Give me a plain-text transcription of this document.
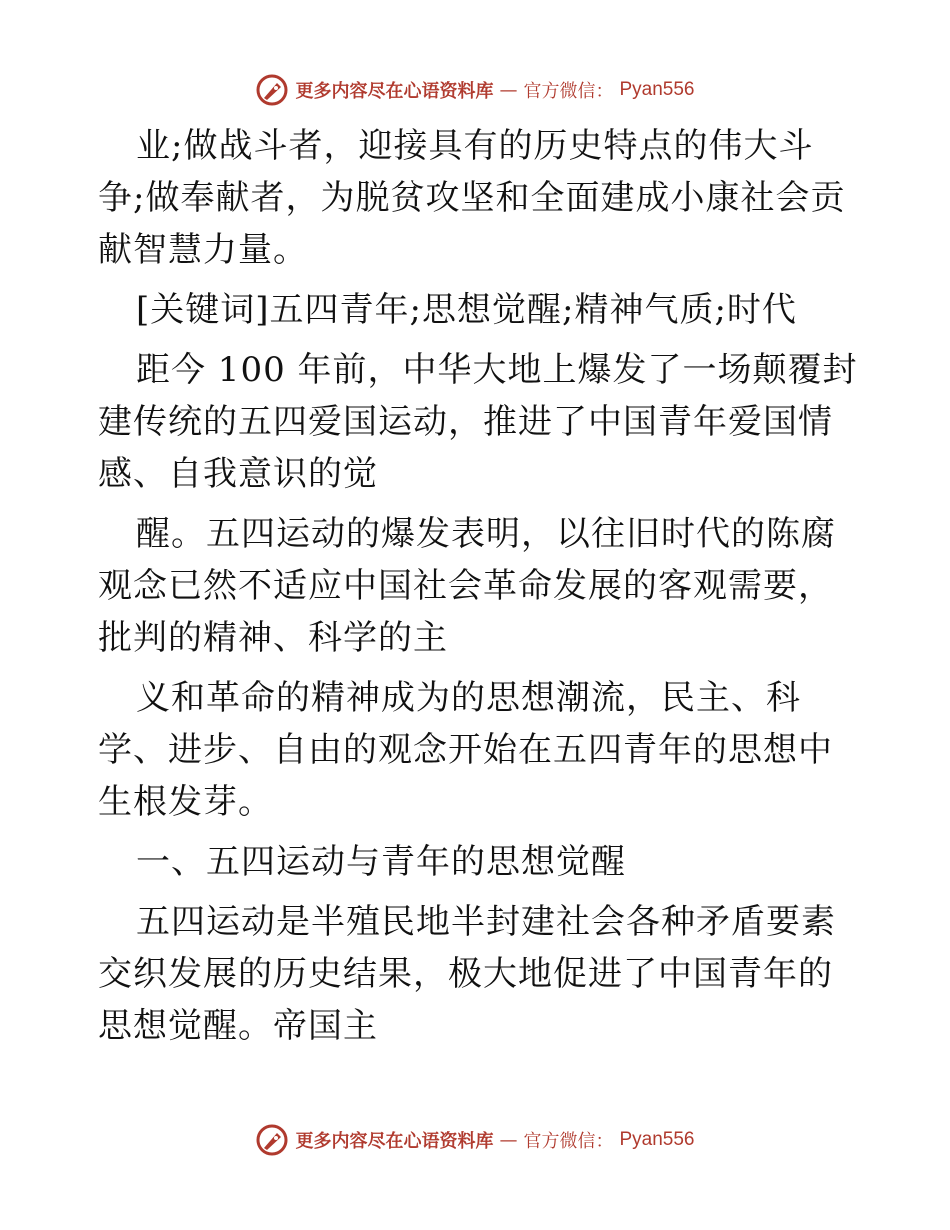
更多内容尽在心语资料库 — 官方微信： Pyan556

业;做战斗者，迎接具有的历史特点的伟大斗争;做奉献者，为脱贫攻坚和全面建成小康社会贡献智慧力量。

[关键词]五四青年;思想觉醒;精神气质;时代

距今 100 年前，中华大地上爆发了一场颠覆封建传统的五四爱国运动，推进了中国青年爱国情感、自我意识的觉

醒。五四运动的爆发表明，以往旧时代的陈腐观念已然不适应中国社会革命发展的客观需要，批判的精神、科学的主

义和革命的精神成为的思想潮流，民主、科学、进步、自由的观念开始在五四青年的思想中生根发芽。

一、五四运动与青年的思想觉醒

五四运动是半殖民地半封建社会各种矛盾要素交织发展的历史结果，极大地促进了中国青年的思想觉醒。帝国主

更多内容尽在心语资料库 — 官方微信： Pyan556
